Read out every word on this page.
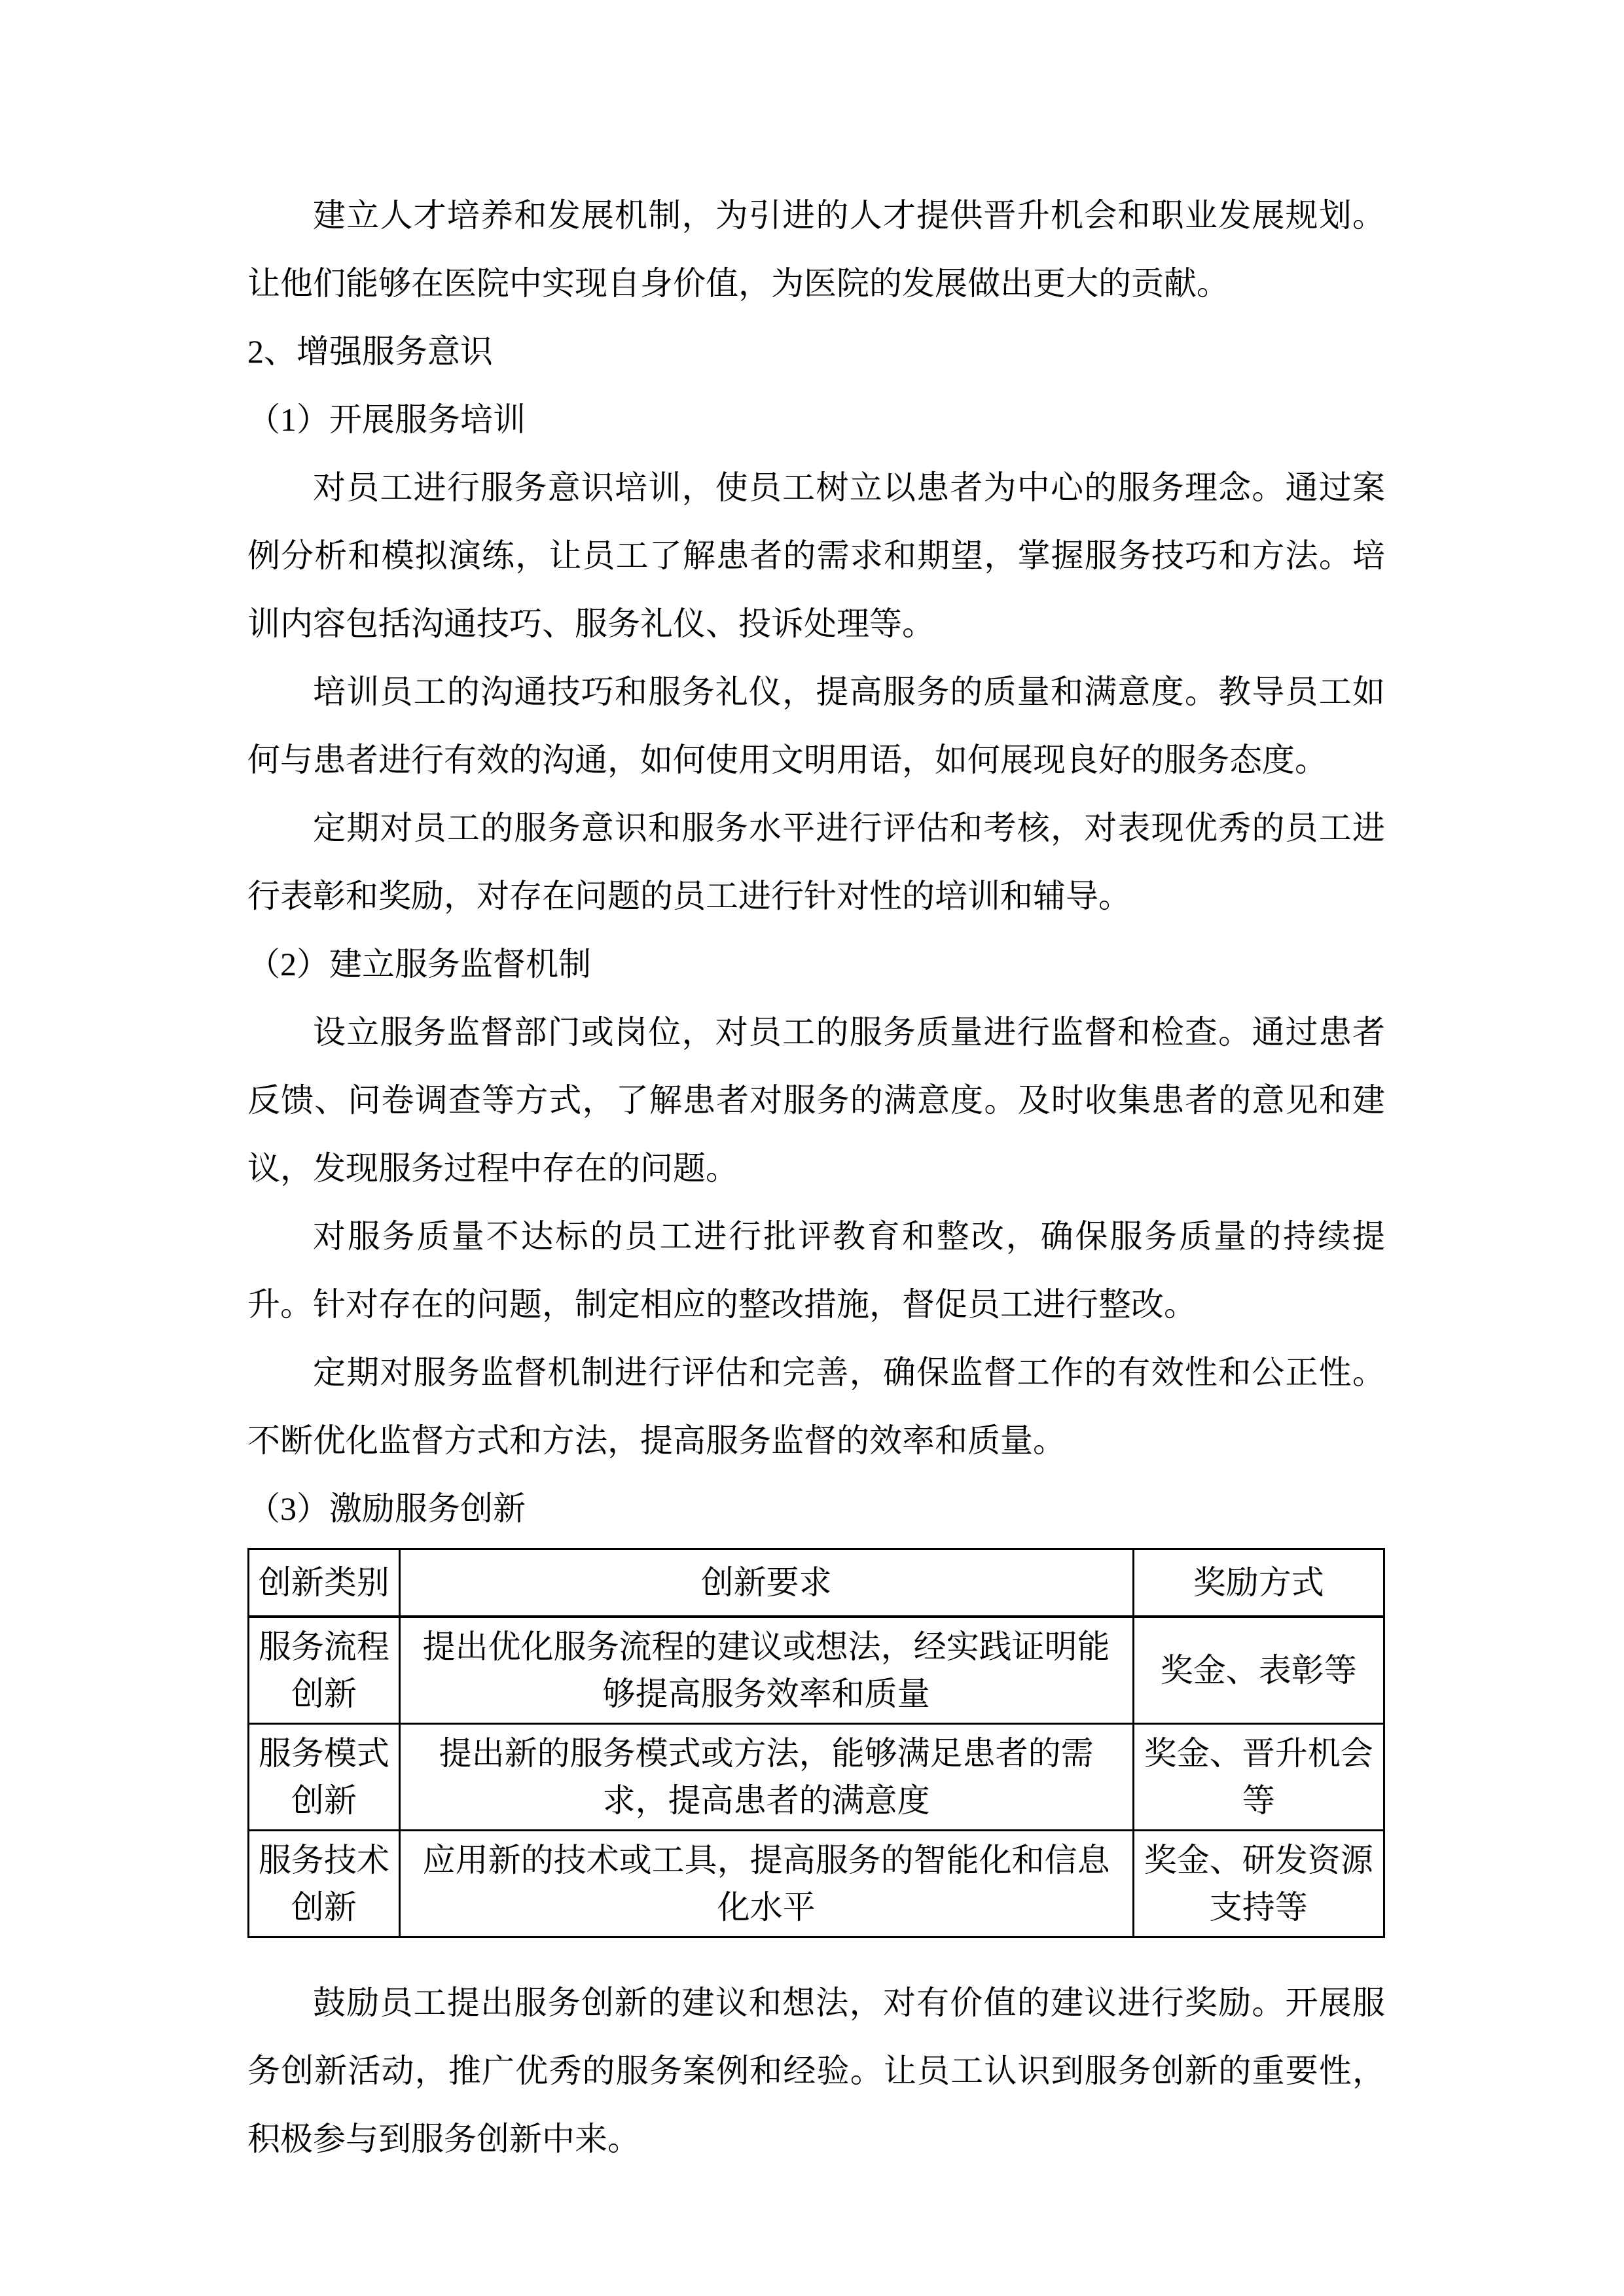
建立人才培养和发展机制，为引进的人才提供晋升机会和职业发展规划。让他们能够在医院中实现自身价值，为医院的发展做出更大的贡献。

2、增强服务意识

（1）开展服务培训

对员工进行服务意识培训，使员工树立以患者为中心的服务理念。通过案例分析和模拟演练，让员工了解患者的需求和期望，掌握服务技巧和方法。培训内容包括沟通技巧、服务礼仪、投诉处理等。

培训员工的沟通技巧和服务礼仪，提高服务的质量和满意度。教导员工如何与患者进行有效的沟通，如何使用文明用语，如何展现良好的服务态度。

定期对员工的服务意识和服务水平进行评估和考核，对表现优秀的员工进行表彰和奖励，对存在问题的员工进行针对性的培训和辅导。

（2）建立服务监督机制

设立服务监督部门或岗位，对员工的服务质量进行监督和检查。通过患者反馈、问卷调查等方式，了解患者对服务的满意度。及时收集患者的意见和建议，发现服务过程中存在的问题。

对服务质量不达标的员工进行批评教育和整改，确保服务质量的持续提升。针对存在的问题，制定相应的整改措施，督促员工进行整改。

定期对服务监督机制进行评估和完善，确保监督工作的有效性和公正性。不断优化监督方式和方法，提高服务监督的效率和质量。

（3）激励服务创新

创新类别	创新要求	奖励方式
服务流程创新	提出优化服务流程的建议或想法，经实践证明能够提高服务效率和质量	奖金、表彰等
服务模式创新	提出新的服务模式或方法，能够满足患者的需求，提高患者的满意度	奖金、晋升机会等
服务技术创新	应用新的技术或工具，提高服务的智能化和信息化水平	奖金、研发资源支持等

鼓励员工提出服务创新的建议和想法，对有价值的建议进行奖励。开展服务创新活动，推广优秀的服务案例和经验。让员工认识到服务创新的重要性，积极参与到服务创新中来。
